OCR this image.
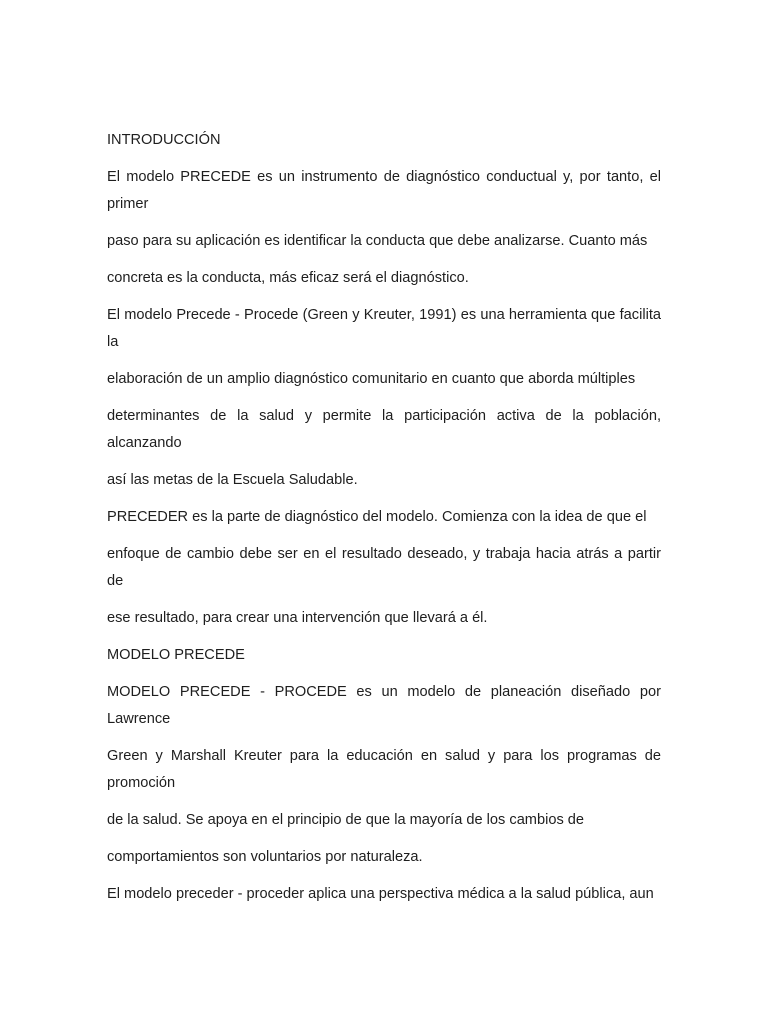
INTRODUCCIÓN

El modelo PRECEDE es un instrumento de diagnóstico conductual y, por tanto, el primer

paso para su aplicación es identificar la conducta que debe analizarse. Cuanto más

concreta es la conducta, más eficaz será el diagnóstico.

El modelo Precede - Procede (Green y Kreuter, 1991) es una herramienta que facilita la

elaboración de un amplio diagnóstico comunitario en cuanto que aborda múltiples

determinantes de la salud y permite la participación activa de la población, alcanzando

así las metas de la Escuela Saludable.

PRECEDER es la parte de diagnóstico del modelo. Comienza con la idea de que el

enfoque de cambio debe ser en el resultado deseado, y trabaja hacia atrás a partir de

ese resultado, para crear una intervención que llevará a él.

MODELO PRECEDE

MODELO PRECEDE - PROCEDE es un modelo de planeación diseñado por Lawrence

Green y Marshall Kreuter para la educación en salud y para los programas de promoción

de la salud. Se apoya en el principio de que la mayoría de los cambios de

comportamientos son voluntarios por naturaleza.

El modelo preceder - proceder aplica una perspectiva médica a la salud pública, aun
